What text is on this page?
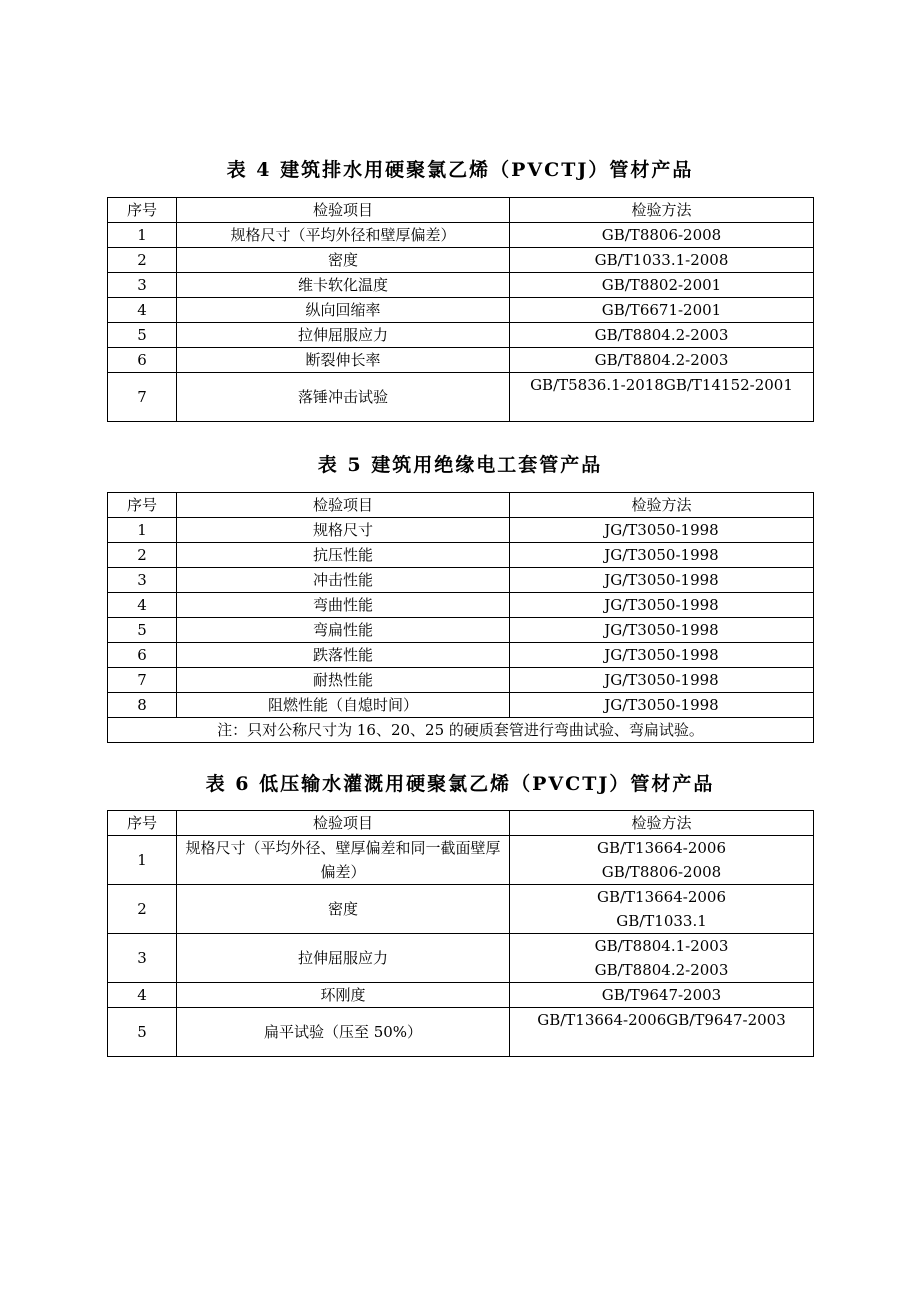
表 4 建筑排水用硬聚氯乙烯（PVCTJ）管材产品
序号	检验项目	检验方法
1	规格尺寸（平均外径和壁厚偏差）	GB/T8806-2008
2	密度	GB/T1033.1-2008
3	维卡软化温度	GB/T8802-2001
4	纵向回缩率	GB/T6671-2001
5	拉伸屈服应力	GB/T8804.2-2003
6	断裂伸长率	GB/T8804.2-2003
7	落锤冲击试验	GB/T5836.1-2018GB/T14152-2001
表 5 建筑用绝缘电工套管产品
序号	检验项目	检验方法
1	规格尺寸	JG/T3050-1998
2	抗压性能	JG/T3050-1998
3	冲击性能	JG/T3050-1998
4	弯曲性能	JG/T3050-1998
5	弯扁性能	JG/T3050-1998
6	跌落性能	JG/T3050-1998
7	耐热性能	JG/T3050-1998
8	阻燃性能（自熄时间）	JG/T3050-1998
注：只对公称尺寸为 16、20、25 的硬质套管进行弯曲试验、弯扁试验。		
表 6 低压输水灌溉用硬聚氯乙烯（PVCTJ）管材产品
序号	检验项目	检验方法
1	规格尺寸（平均外径、壁厚偏差和同一截面壁厚偏差）	GB/T13664-2006
GB/T8806-2008

2	密度	GB/T13664-2006
GB/T1033.1

3	拉伸屈服应力	GB/T8804.1-2003
GB/T8804.2-2003

4	环刚度	GB/T9647-2003
5	扁平试验（压至 50%）	GB/T13664-2006GB/T9647-2003
